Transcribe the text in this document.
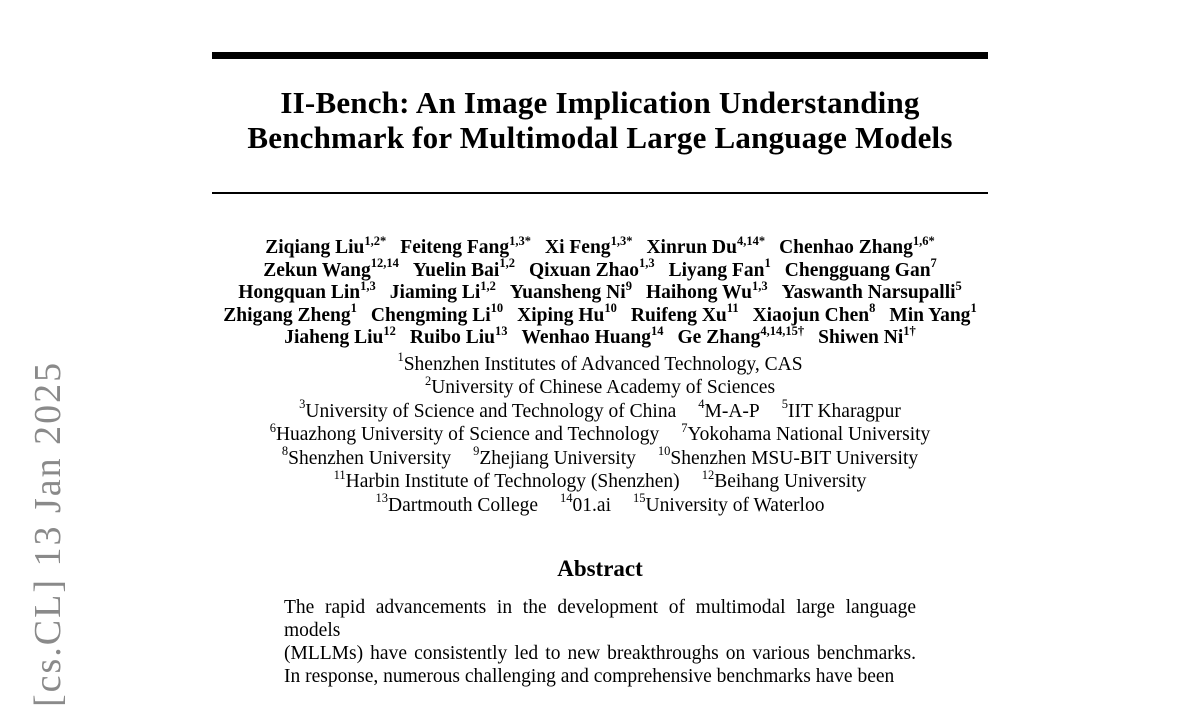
[cs.CL] 13 Jan 2025
II-Bench: An Image Implication Understanding
Benchmark for Multimodal Large Language Models
Ziqiang Liu$^{1,2*}$ Feiteng Fang$^{1,3*}$ Xi Feng$^{1,3*}$ Xinrun $Du^{4,14*}$ Chenhao Zhang$^{1,6*}$
Zekun Wang$^{12,14}$ Yuelin Bai$^{1,2}$ Qixuan Zhao$^{1,3}$ Liyang Fan$^1$ Chengguang Gan$^7$
Hongquan Lin$^{1,3}$ Jiaming Li$^{1,2}$ Yuansheng Ni$^9$ Haihong Wu$^{1,3}$ Yaswanth Narsupalli$^5$
Zhigang Zheng$^1$ Chengming Li$^{10}$ Xiping Hu$^{10}$ Ruifeng Xu$^{11}$ Xiaojun Chen$^8$ Min Yang$^1$
Jiaheng Liu$^{12}$ Ruibo Liu$^{13}$ Wenhao Huang$^{14}$ Ge Zhang$^{4,14,15\dagger}$ Shiwen $Ni^{1\dagger}$
$^1$Shenzhen Institutes of Advanced Technology, CAS
$^2$University of Chinese Academy of Sciences
$^3$University of Science and Technology of China $^4$M-A-P $^5$IIT Kharagpur
$^6$Huazhong University of Science and Technology $^7$Yokohama National University
$^8$Shenzhen University $^9$Zhejiang University $^{10}$Shenzhen MSU-BIT University
$^{11}$Harbin Institute of Technology (Shenzhen) $^{12}$Beihang University
$^{13}$Dartmouth College $^{14}$01.ai $^{15}$University of Waterloo
Abstract
The rapid advancements in the development of multimodal large language models
(MLLMs) have consistently led to new breakthroughs on various benchmarks.
In response, numerous challenging and comprehensive benchmarks have been
